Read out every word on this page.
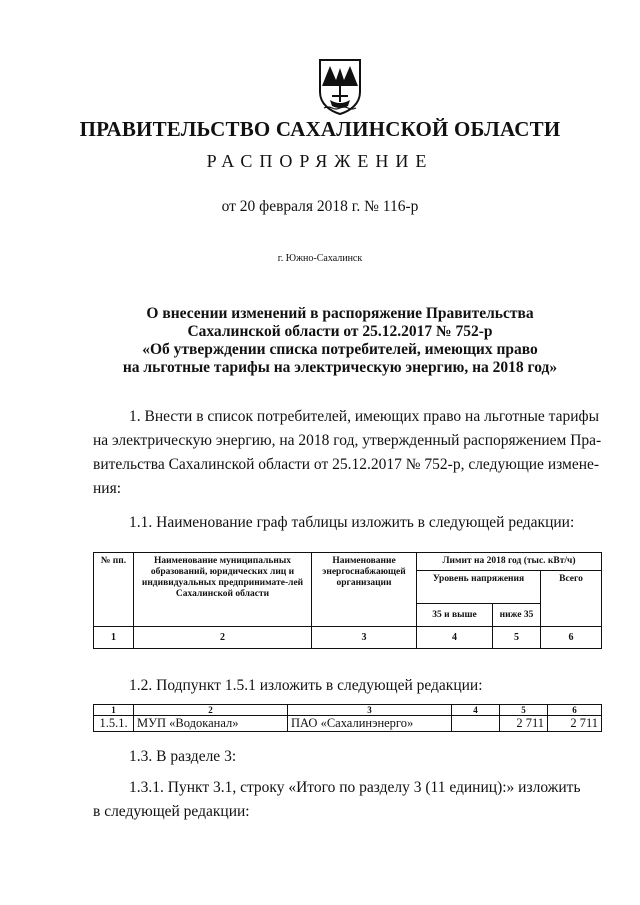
ПРАВИТЕЛЬСТВО САХАЛИНСКОЙ ОБЛАСТИ
РАСПОРЯЖЕНИЕ
от 20 февраля 2018 г. № 116-р
г. Южно-Сахалинск
О внесении изменений в распоряжение Правительства
Сахалинской области от 25.12.2017 № 752-р
«Об утверждении списка потребителей, имеющих право
на льготные тарифы на электрическую энергию, на 2018 год»
1. Внести в список потребителей, имеющих право на льготные тарифы
на электрическую энергию, на 2018 год, утвержденный распоряжением Пра-
вительства Сахалинской области от 25.12.2017 № 752-р, следующие измене-
ния:
1.1. Наименование граф таблицы изложить в следующей редакции:
№ пп.	Наименование муниципальных образований, юридических лиц и индивидуальных предпринимате-лей Сахалинской области	Наименование энергоснабжающей организации	Лимит на 2018 год (тыс. кВт/ч)		
			Уровень напряжения		Всего
			35 и выше	ниже 35	
1	2	3	4	5	6
1.2. Подпункт 1.5.1 изложить в следующей редакции:
1	2	3	4	5	6
1.5.1.	МУП «Водоканал»	ПАО «Сахалинэнерго»		2 711	2 711
1.3. В разделе 3:
1.3.1. Пункт 3.1, строку «Итого по разделу 3 (11 единиц):» изложить
в следующей редакции:
